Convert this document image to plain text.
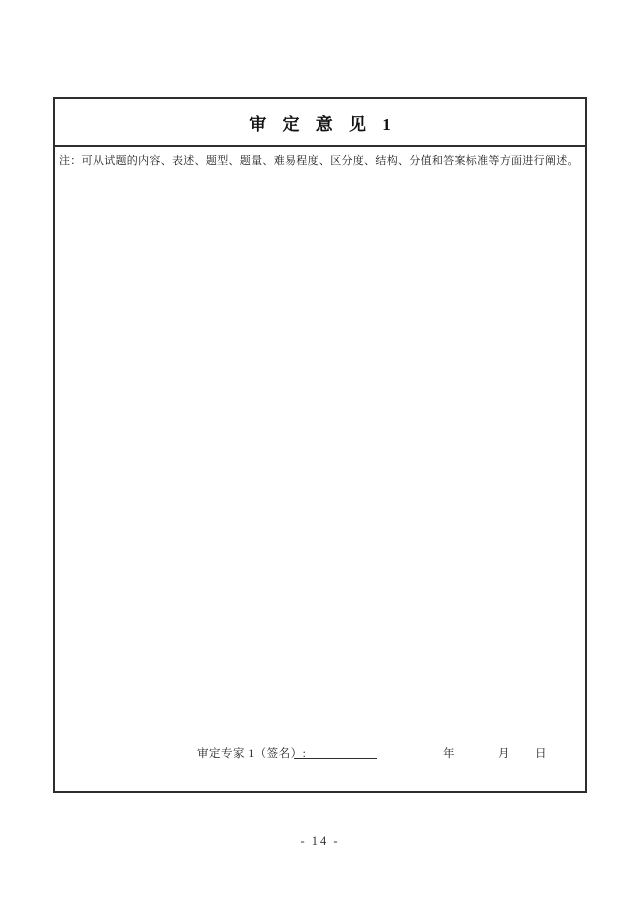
审 定 意 见 1
注：可从试题的内容、表述、题型、题量、难易程度、区分度、结构、分值和答案标准等方面进行阐述。
审定专家 1（签名）:	年	月 日
- 14 -
